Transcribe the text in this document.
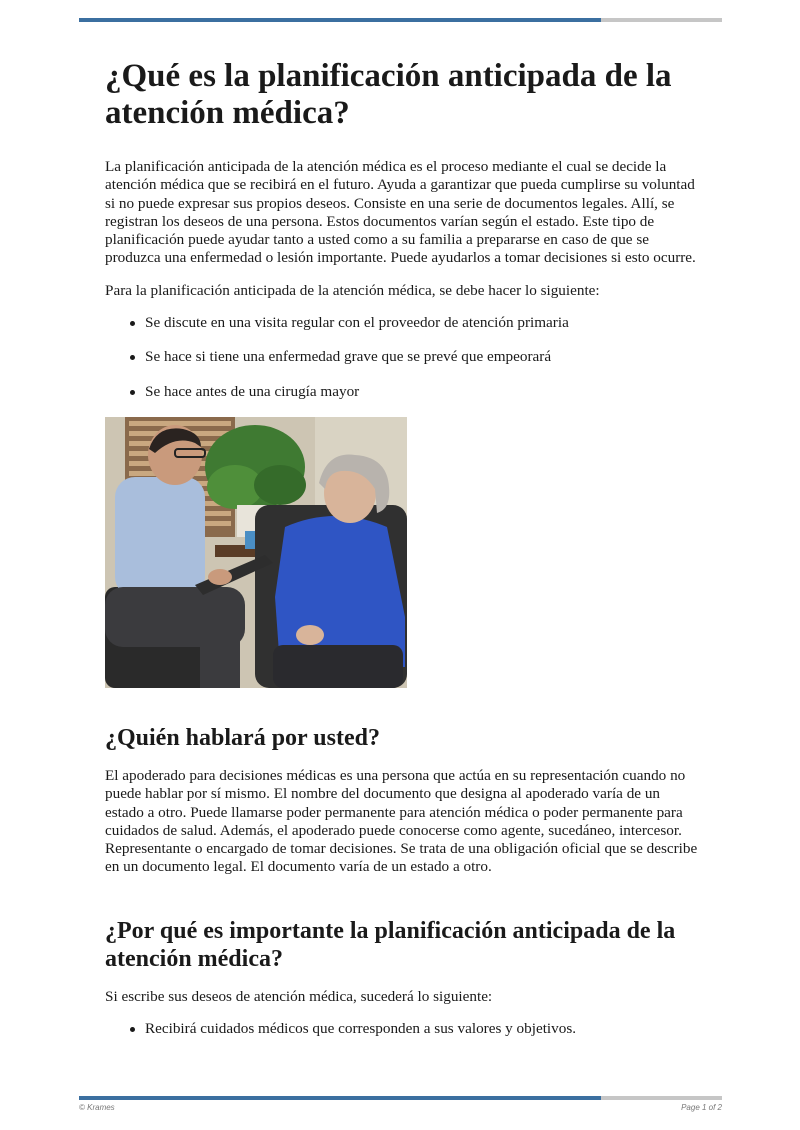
¿Qué es la planificación anticipada de la atención médica?

La planificación anticipada de la atención médica es el proceso mediante el cual se decide la atención médica que se recibirá en el futuro. Ayuda a garantizar que pueda cumplirse su voluntad si no puede expresar sus propios deseos. Consiste en una serie de documentos legales. Allí, se registran los deseos de una persona. Estos documentos varían según el estado. Este tipo de planificación puede ayudar tanto a usted como a su familia a prepararse en caso de que se produzca una enfermedad o lesión importante. Puede ayudarlos a tomar decisiones si esto ocurre.

Para la planificación anticipada de la atención médica, se debe hacer lo siguiente:

Se discute en una visita regular con el proveedor de atención primaria
Se hace si tiene una enfermedad grave que se prevé que empeorará
Se hace antes de una cirugía mayor
¿Quién hablará por usted?

El apoderado para decisiones médicas es una persona que actúa en su representación cuando no puede hablar por sí mismo. El nombre del documento que designa al apoderado varía de un estado a otro. Puede llamarse poder permanente para atención médica o poder permanente para cuidados de salud. Además, el apoderado puede conocerse como agente, sucedáneo, intercesor. Representante o encargado de tomar decisiones. Se trata de una obligación oficial que se describe en un documento legal. El documento varía de un estado a otro.

¿Por qué es importante la planificación anticipada de la atención médica?

Si escribe sus deseos de atención médica, sucederá lo siguiente:

Recibirá cuidados médicos que corresponden a sus valores y objetivos.
© Krames	Page 1 of 2
